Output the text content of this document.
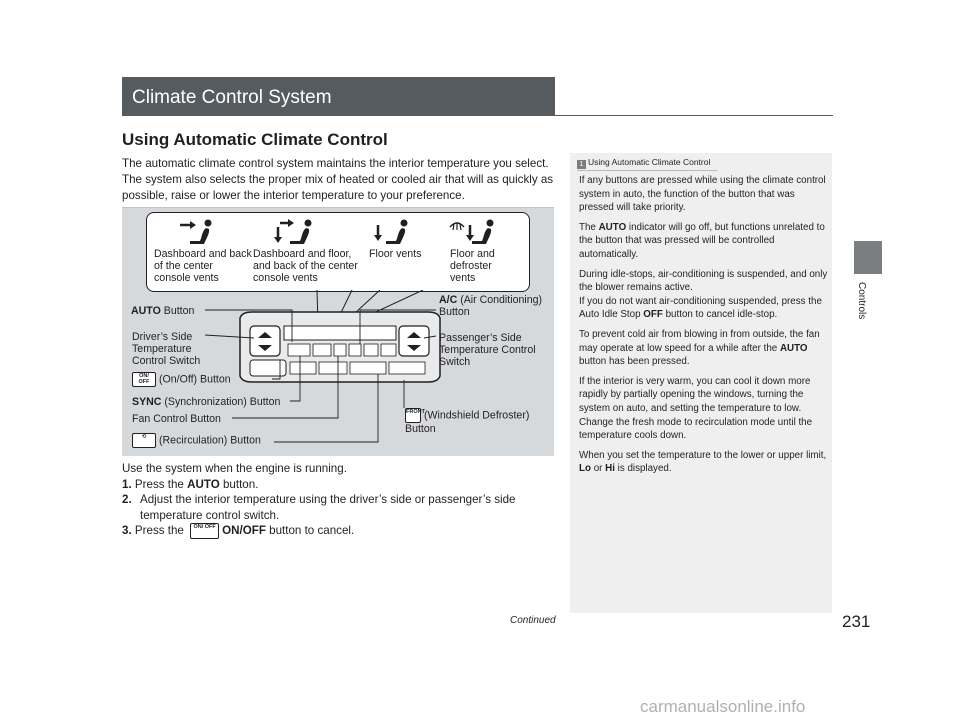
Climate Control System
Controls
Using Automatic Climate Control
The automatic climate control system maintains the interior temperature you select. The system also selects the proper mix of heated or cooled air that will as quickly as possible, raise or lower the interior temperature to your preference.
Dashboard and back of the center console vents
Dashboard and floor, and back of the center console vents
Floor vents	Floor and defroster vents
AUTO Button
Driver’s Side Temperature Control Switch
ON/ OFF (On/Off) Button
SYNC (Synchronization) Button
Fan Control Button
⟲ (Recirculation) Button
A/C (Air Conditioning) Button
Passenger’s Side Temperature Control Switch
FRONT(Windshield Defroster) Button

Use the system when the engine is running.

1. Press the AUTO button.

2. Adjust the interior temperature using the driver’s side or passenger’s side temperature control switch.

3. Press the ON/ OFF ON/OFF button to cancel.

1 Using Automatic Climate Control

If any buttons are pressed while using the climate control system in auto, the function of the button that was pressed will take priority.

The AUTO indicator will go off, but functions unrelated to the button that was pressed will be controlled automatically.

During idle-stops, air-conditioning is suspended, and only the blower remains active.

If you do not want air-conditioning suspended, press the Auto Idle Stop OFF button to cancel idle-stop.

To prevent cold air from blowing in from outside, the fan may operate at low speed for a while after the AUTO button has been pressed.

If the interior is very warm, you can cool it down more rapidly by partially opening the windows, turning the system on auto, and setting the temperature to low. Change the fresh mode to recirculation mode until the temperature cools down.

When you set the temperature to the lower or upper limit, Lo or Hi is displayed.

Continued	231
carmanualsonline.info
